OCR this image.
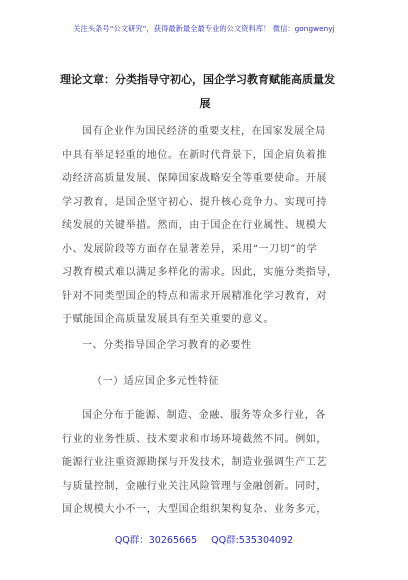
关注头条号“公文研究”，获得最新最全最专业的公文资料库！ 微信：gongwenyj
理论文章：分类指导守初心，国企学习教育赋能高质量发
展

国有企业作为国民经济的重要支柱，在国家发展全局
中具有举足轻重的地位。在新时代背景下，国企肩负着推
动经济高质量发展、保障国家战略安全等重要使命。开展
学习教育，是国企坚守初心、提升核心竞争力、实现可持
续发展的关键举措。然而，由于国企在行业属性、规模大
小、发展阶段等方面存在显著差异，采用“一刀切”的学
习教育模式难以满足多样化的需求。因此，实施分类指导，
针对不同类型国企的特点和需求开展精准化学习教育，对
于赋能国企高质量发展具有至关重要的意义。

一、分类指导国企学习教育的必要性
（一）适应国企多元性特征

国企分布于能源、制造、金融、服务等众多行业，各
行业的业务性质、技术要求和市场环境截然不同。例如，
能源行业注重资源勘探与开发技术，制造业强调生产工艺
与质量控制，金融行业关注风险管理与金融创新。同时，
国企规模大小不一，大型国企组织架构复杂、业务多元，

QQ群：30265665 QQ群:535304092
